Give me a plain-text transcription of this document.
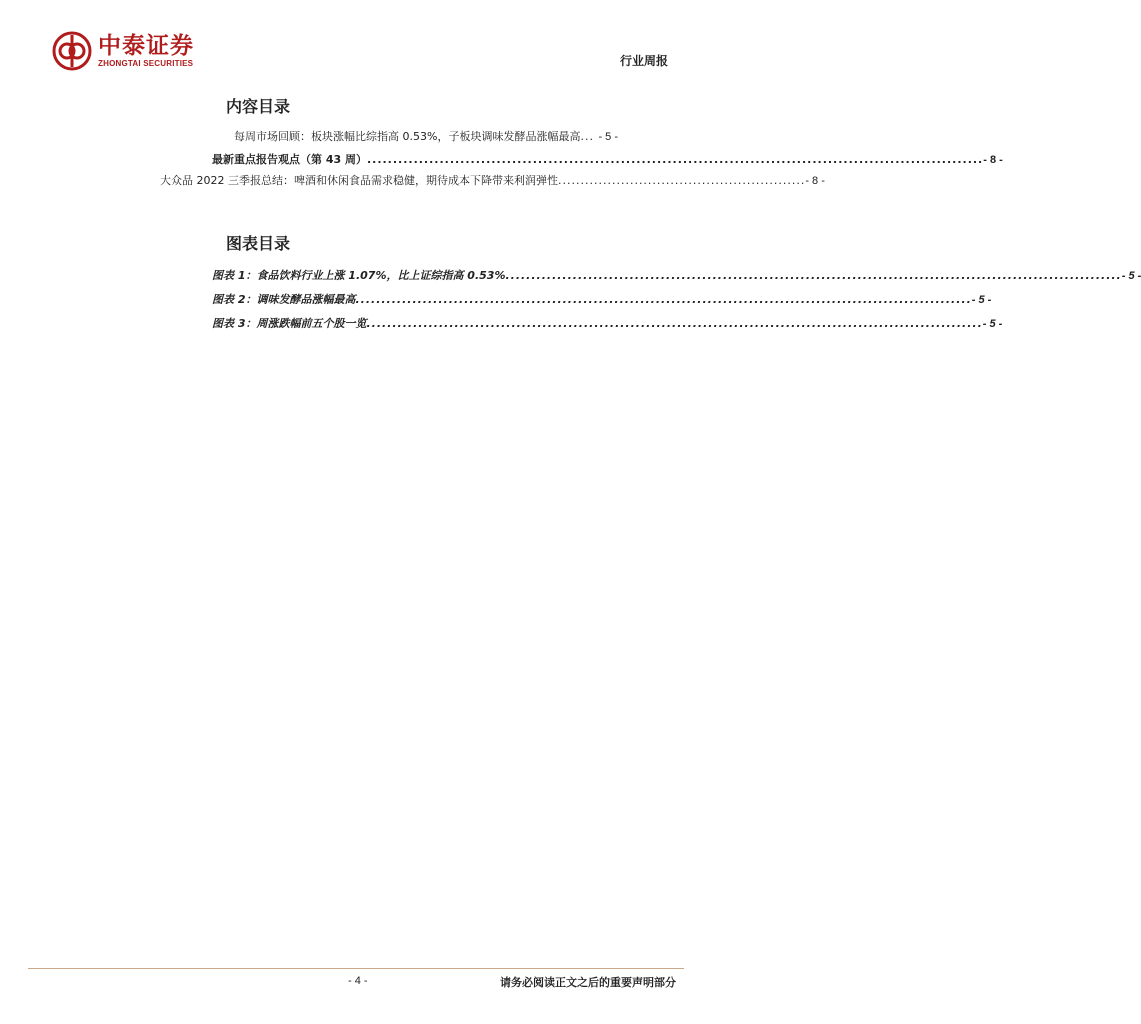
中泰证券
ZHONGTAI SECURITIES	行业周报
内容目录
每周市场回顾：板块涨幅比综指高 0.53%，子板块调味发酵品涨幅最高 ... - 5 -
最新重点报告观点（第 43 周） ....................................................................................................................... - 8 -
大众品 2022 三季报总结：啤酒和休闲食品需求稳健，期待成本下降带来利润弹性 ....................................................... - 8 -
图表目录
图表 1：食品饮料行业上涨 1.07%，比上证综指高 0.53% ....................................................................................................................... - 5 -
图表 2：调味发酵品涨幅最高 ....................................................................................................................... - 5 -
图表 3：周涨跌幅前五个股一览 ....................................................................................................................... - 5 -
- 4 -	请务必阅读正文之后的重要声明部分
